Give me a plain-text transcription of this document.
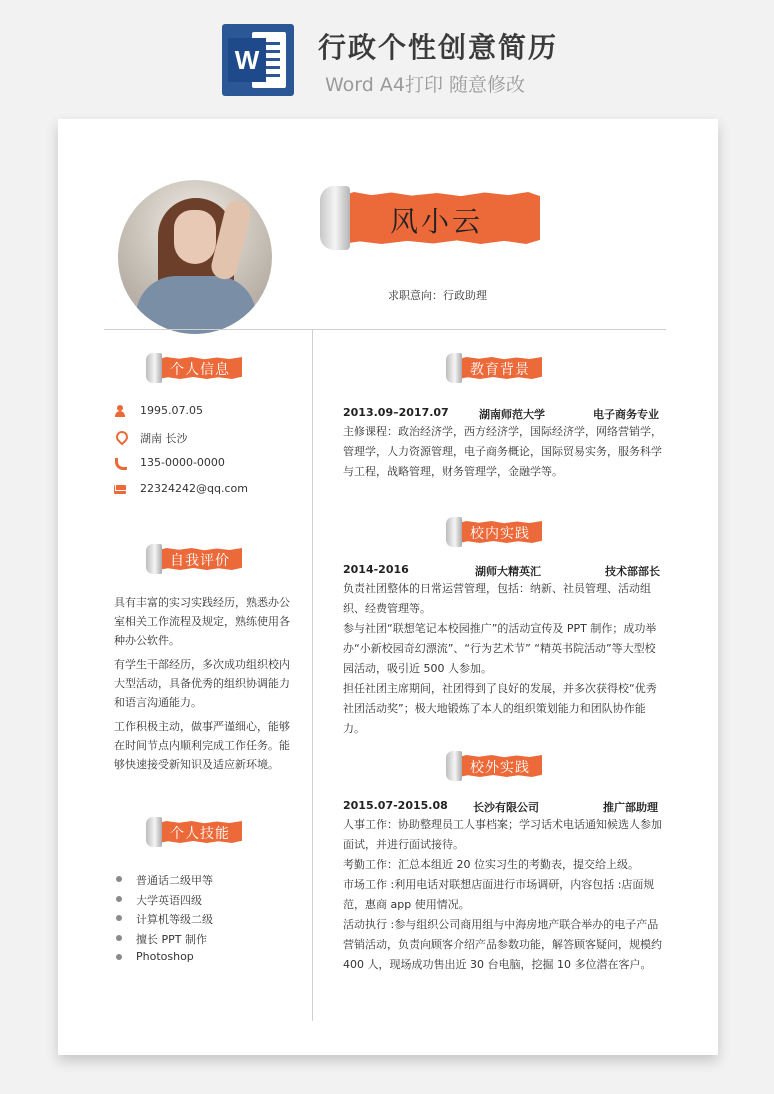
W 行政个性创意简历
Word A4打印 随意修改
风小云
求职意向：行政助理
个人信息
1995.07.05
湖南 长沙
135-0000-0000
22324242@qq.com
自我评价
具有丰富的实习实践经历，熟悉办公室相关工作流程及规定，熟练使用各种办公软件。
有学生干部经历，多次成功组织校内大型活动，具备优秀的组织协调能力和语言沟通能力。
工作积极主动，做事严谨细心，能够在时间节点内顺利完成工作任务。能够快速接受新知识及适应新环境。
个人技能
普通话二级甲等
大学英语四级
计算机等级二级
擅长 PPT 制作
Photoshop
教育背景
2013.09–2017.07	湖南师范大学	电子商务专业

主修课程：政治经济学，西方经济学，国际经济学，网络营销学，管理学，人力资源管理，电子商务概论，国际贸易实务，服务科学与工程，战略管理，财务管理学，金融学等。

校内实践
2014-2016	湖师大精英汇	技术部部长

负责社团整体的日常运营管理，包括：纳新、社员管理、活动组织、经费管理等。

参与社团“联想笔记本校园推广”的活动宣传及 PPT 制作；成功举办“小新校园奇幻漂流”、“行为艺术节” “精英书院活动”等大型校园活动，吸引近 500 人参加。

担任社团主席期间，社团得到了良好的发展，并多次获得校“优秀社团活动奖”；极大地锻炼了本人的组织策划能力和团队协作能力。

校外实践
2015.07-2015.08 长沙有限公司	推广部助理

人事工作：协助整理员工人事档案；学习话术电话通知候选人参加面试，并进行面试接待。

考勤工作：汇总本组近 20 位实习生的考勤表，提交给上级。

市场工作 :利用电话对联想店面进行市场调研，内容包括 :店面规范，惠商 app 使用情况。

活动执行 :参与组织公司商用组与中海房地产联合举办的电子产品营销活动，负责向顾客介绍产品参数功能，解答顾客疑问，规模约 400 人，现场成功售出近 30 台电脑，挖掘 10 多位潜在客户。
